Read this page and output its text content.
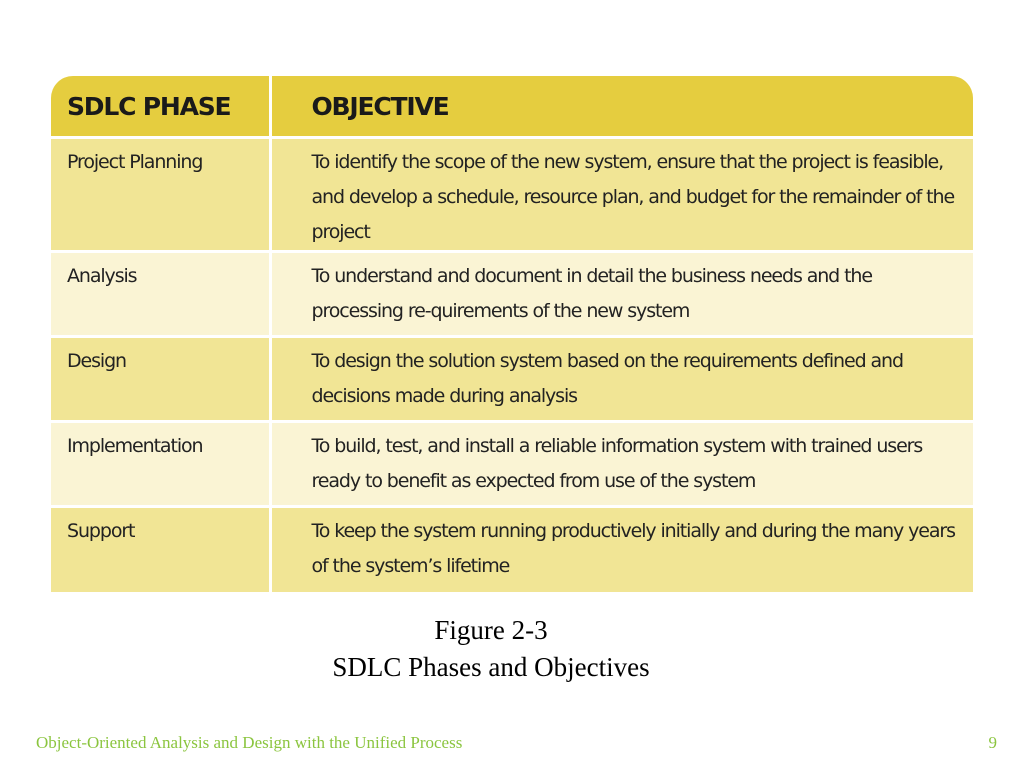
SDLC PHASE	OBJECTIVE
Project Planning	To identify the scope of the new system, ensure that the project is feasible, and develop a schedule, resource plan, and budget for the remainder of the project
Analysis	To understand and document in detail the business needs and the processing re-quirements of the new system
Design	To design the solution system based on the requirements defined and decisions made during analysis
Implementation	To build, test, and install a reliable information system with trained users ready to benefit as expected from use of the system
Support	To keep the system running productively initially and during the many years of the system’s lifetime
Figure 2-3
SDLC Phases and Objectives
Object-Oriented Analysis and Design with the Unified Process	9
